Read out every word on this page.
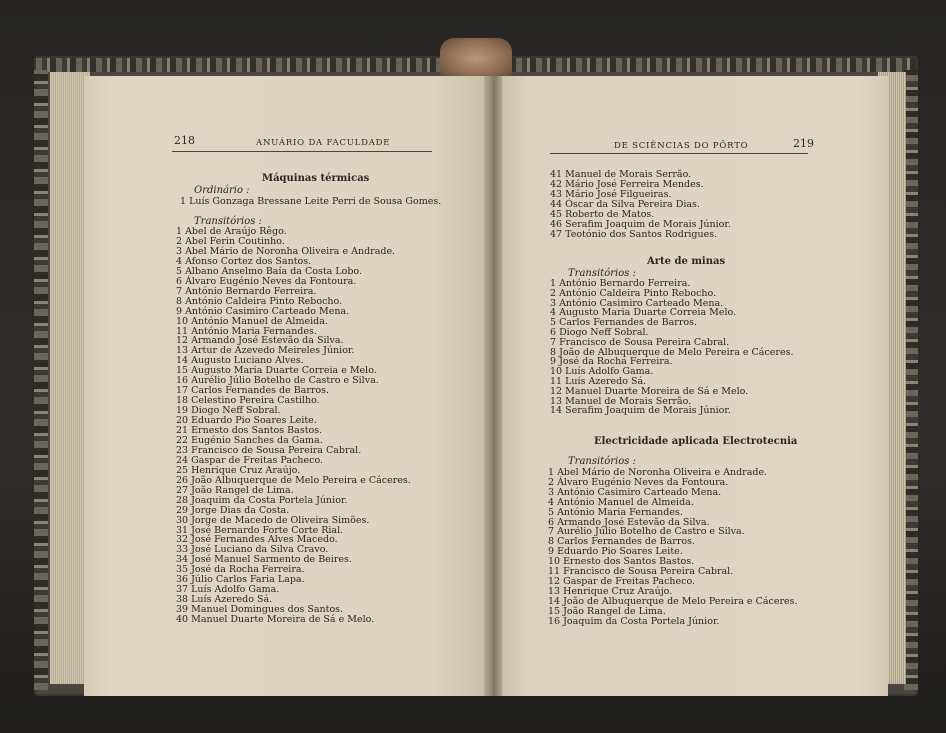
218	ANUÁRIO DA FACULDADE
Máquinas térmicas
Ordinário :
1 Luís Gonzaga Bressane Leite Perri de Sousa Gomes.
Transitórios :
1 Abel de Araújo Rêgo.
2 Abel Ferin Coutinho.
3 Abel Mário de Noronha Oliveira e Andrade.
4 Afonso Cortez dos Santos.
5 Albano Anselmo Baía da Costa Lobo.
6 Álvaro Eugénio Neves da Fontoura.
7 António Bernardo Ferreira.
8 António Caldeira Pinto Rebocho.
9 António Casimiro Carteado Mena.
10 António Manuel de Almeida.
11 António Maria Fernandes.
12 Armando José Estevão da Silva.
13 Artur de Azevedo Meireles Júnior.
14 Augusto Luciano Alves.
15 Augusto Maria Duarte Correia e Melo.
16 Aurélio Júlio Botelho de Castro e Silva.
17 Carlos Fernandes de Barros.
18 Celestino Pereira Castilho.
19 Diogo Neff Sobral.
20 Eduardo Pio Soares Leite.
21 Ernesto dos Santos Bastos.
22 Eugénio Sanches da Gama.
23 Francisco de Sousa Pereira Cabral.
24 Gaspar de Freitas Pacheco.
25 Henrique Cruz Araújo.
26 João Albuquerque de Melo Pereira e Cáceres.
27 João Rangel de Lima.
28 Joaquim da Costa Portela Júnior.
29 Jorge Dias da Costa.
30 Jorge de Macedo de Oliveira Simões.
31 José Bernardo Forte Corte Rial.
32 José Fernandes Alves Macedo.
33 José Luciano da Silva Cravo.
34 José Manuel Sarmento de Beires.
35 José da Rocha Ferreira.
36 Júlio Carlos Faria Lapa.
37 Luís Adolfo Gama.
38 Luís Azeredo Sá.
39 Manuel Domingues dos Santos.
40 Manuel Duarte Moreira de Sá e Melo.
DE SCIÊNCIAS DO PÔRTO	219
41 Manuel de Morais Serrão.
42 Mário José Ferreira Mendes.
43 Mário José Filgueiras.
44 Óscar da Silva Pereira Dias.
45 Roberto de Matos.
46 Serafim Joaquim de Morais Júnior.
47 Teotónio dos Santos Rodrigues.
Arte de minas
Transitórios :
1 António Bernardo Ferreira.
2 António Caldeira Pinto Rebocho.
3 António Casimiro Carteado Mena.
4 Augusto Maria Duarte Correia Melo.
5 Carlos Fernandes de Barros.
6 Diogo Neff Sobral.
7 Francisco de Sousa Pereira Cabral.
8 João de Albuquerque de Melo Pereira e Cáceres.
9 José da Rocha Ferreira.
10 Luís Adolfo Gama.
11 Luís Azeredo Sá.
12 Manuel Duarte Moreira de Sá e Melo.
13 Manuel de Morais Serrão.
14 Serafim Joaquim de Morais Júnior.
Electricidade aplicada Electrotecnia
Transitórios :
1 Abel Mário de Noronha Oliveira e Andrade.
2 Álvaro Eugénio Neves da Fontoura.
3 António Casimiro Carteado Mena.
4 António Manuel de Almeida.
5 António Maria Fernandes.
6 Armando José Estevão da Silva.
7 Aurélio Júlio Botelho de Castro e Silva.
8 Carlos Fernandes de Barros.
9 Eduardo Pio Soares Leite.
10 Ernesto dos Santos Bastos.
11 Francisco de Sousa Pereira Cabral.
12 Gaspar de Freitas Pacheco.
13 Henrique Cruz Araújo.
14 João de Albuquerque de Melo Pereira e Cáceres.
15 João Rangel de Lima.
16 Joaquim da Costa Portela Júnior.
